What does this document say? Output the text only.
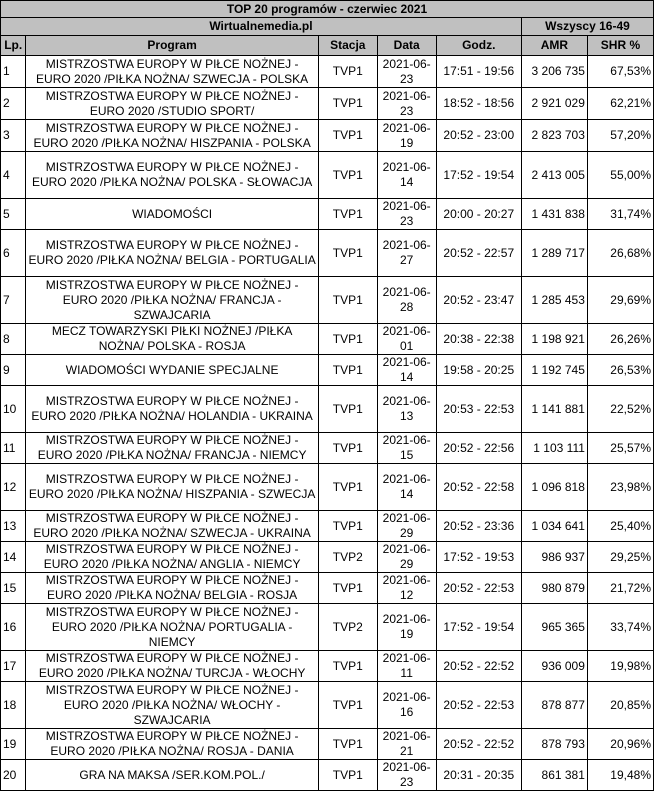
TOP 20 programów - czerwiec 2021						
Wirtualnemedia.pl					Wszyscy 16-49	
Lp.	Program	Stacja	Data	Godz.	AMR	SHR %
1	MISTRZOSTWA EUROPY W PIŁCE NOŻNEJ - EURO 2020 /PIŁKA NOŻNA/ SZWECJA - POLSKA	TVP1	2021-06-23	17:51 - 19:56	3 206 735	67,53%
2	MISTRZOSTWA EUROPY W PIŁCE NOŻNEJ - EURO 2020 /STUDIO SPORT/	TVP1	2021-06-23	18:52 - 18:56	2 921 029	62,21%
3	MISTRZOSTWA EUROPY W PIŁCE NOŻNEJ - EURO 2020 /PIŁKA NOŻNA/ HISZPANIA - POLSKA	TVP1	2021-06-19	20:52 - 23:00	2 823 703	57,20%
4	MISTRZOSTWA EUROPY W PIŁCE NOŻNEJ - EURO 2020 /PIŁKA NOŻNA/ POLSKA - SŁOWACJA	TVP1	2021-06-14	17:52 - 19:54	2 413 005	55,00%
5	WIADOMOŚCI	TVP1	2021-06-23	20:00 - 20:27	1 431 838	31,74%
6	MISTRZOSTWA EUROPY W PIŁCE NOŻNEJ - EURO 2020 /PIŁKA NOŻNA/ BELGIA - PORTUGALIA	TVP1	2021-06-27	20:52 - 22:57	1 289 717	26,68%
7	MISTRZOSTWA EUROPY W PIŁCE NOŻNEJ - EURO 2020 /PIŁKA NOŻNA/ FRANCJA - SZWAJCARIA	TVP1	2021-06-28	20:52 - 23:47	1 285 453	29,69%
8	MECZ TOWARZYSKI PIŁKI NOŻNEJ /PIŁKA NOŻNA/ POLSKA - ROSJA	TVP1	2021-06-01	20:38 - 22:38	1 198 921	26,26%
9	WIADOMOŚCI WYDANIE SPECJALNE	TVP1	2021-06-14	19:58 - 20:25	1 192 745	26,53%
10	MISTRZOSTWA EUROPY W PIŁCE NOŻNEJ - EURO 2020 /PIŁKA NOŻNA/ HOLANDIA - UKRAINA	TVP1	2021-06-13	20:53 - 22:53	1 141 881	22,52%
11	MISTRZOSTWA EUROPY W PIŁCE NOŻNEJ - EURO 2020 /PIŁKA NOŻNA/ FRANCJA - NIEMCY	TVP1	2021-06-15	20:52 - 22:56	1 103 111	25,57%
12	MISTRZOSTWA EUROPY W PIŁCE NOŻNEJ - EURO 2020 /PIŁKA NOŻNA/ HISZPANIA - SZWECJA	TVP1	2021-06-14	20:52 - 22:58	1 096 818	23,98%
13	MISTRZOSTWA EUROPY W PIŁCE NOŻNEJ - EURO 2020 /PIŁKA NOŻNA/ SZWECJA - UKRAINA	TVP1	2021-06-29	20:52 - 23:36	1 034 641	25,40%
14	MISTRZOSTWA EUROPY W PIŁCE NOŻNEJ - EURO 2020 /PIŁKA NOŻNA/ ANGLIA - NIEMCY	TVP2	2021-06-29	17:52 - 19:53	986 937	29,25%
15	MISTRZOSTWA EUROPY W PIŁCE NOŻNEJ - EURO 2020 /PIŁKA NOŻNA/ BELGIA - ROSJA	TVP1	2021-06-12	20:52 - 22:53	980 879	21,72%
16	MISTRZOSTWA EUROPY W PIŁCE NOŻNEJ - EURO 2020 /PIŁKA NOŻNA/ PORTUGALIA - NIEMCY	TVP2	2021-06-19	17:52 - 19:54	965 365	33,74%
17	MISTRZOSTWA EUROPY W PIŁCE NOŻNEJ - EURO 2020 /PIŁKA NOŻNA/ TURCJA - WŁOCHY	TVP1	2021-06-11	20:52 - 22:52	936 009	19,98%
18	MISTRZOSTWA EUROPY W PIŁCE NOŻNEJ - EURO 2020 /PIŁKA NOŻNA/ WŁOCHY - SZWAJCARIA	TVP1	2021-06-16	20:52 - 22:53	878 877	20,85%
19	MISTRZOSTWA EUROPY W PIŁCE NOŻNEJ - EURO 2020 /PIŁKA NOŻNA/ ROSJA - DANIA	TVP1	2021-06-21	20:52 - 22:52	878 793	20,96%
20	GRA NA MAKSA /SER.KOM.POL./	TVP1	2021-06-23	20:31 - 20:35	861 381	19,48%
